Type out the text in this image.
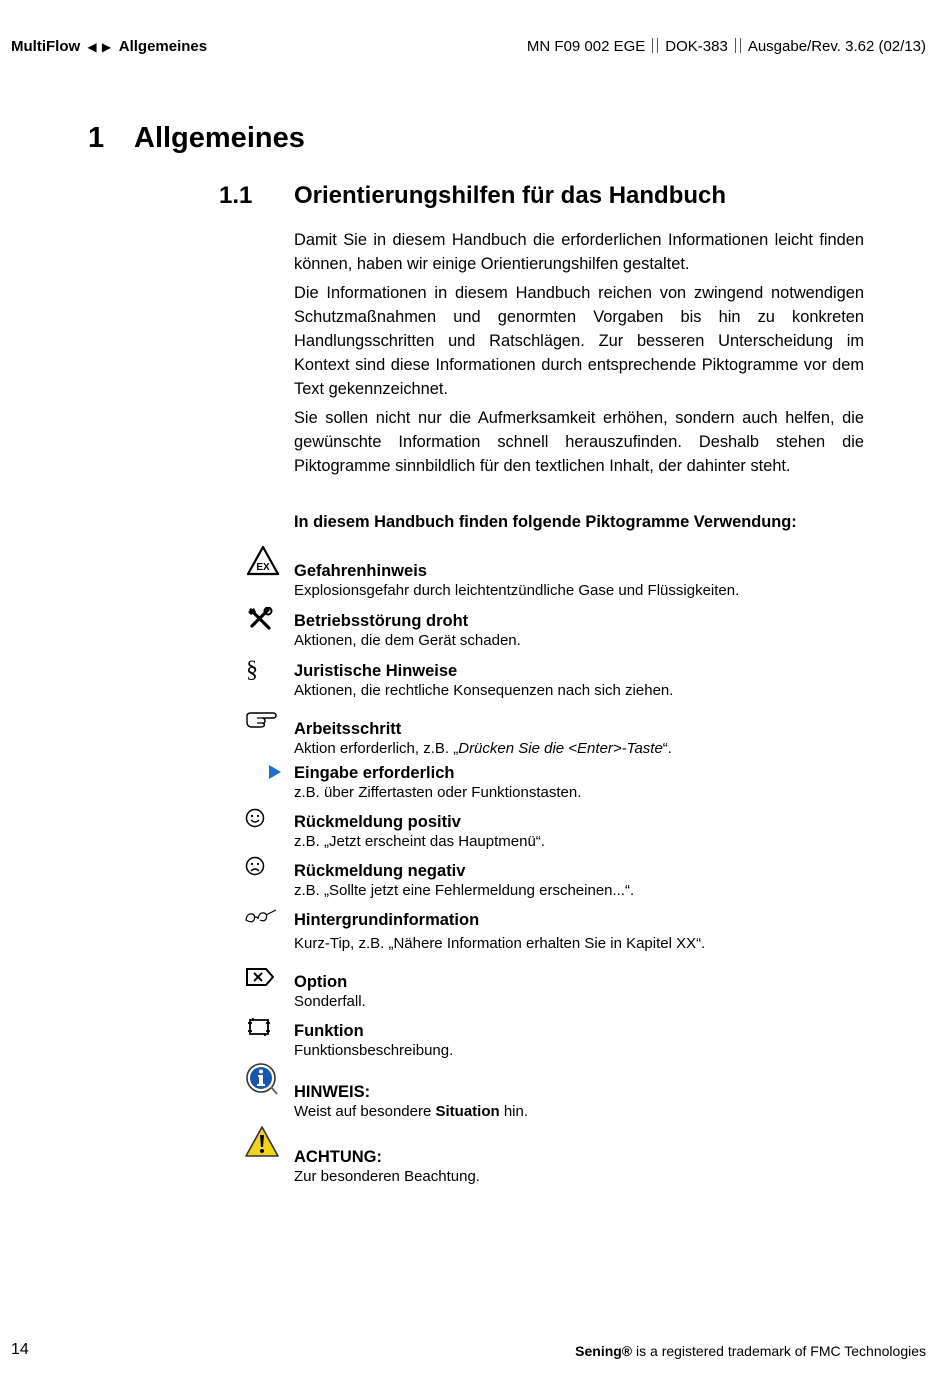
MultiFlow ◀ ▶ Allgemeines	MN F09 002 EGE DOK-383 Ausgabe/Rev. 3.62 (02/13)
1 Allgemeines
1.1 Orientierungshilfen für das Handbuch
Damit Sie in diesem Handbuch die erforderlichen Informationen leicht finden können, haben wir einige Orientierungshilfen gestaltet.
Die Informationen in diesem Handbuch reichen von zwingend notwendigen Schutzmaßnahmen und genormten Vorgaben bis hin zu konkreten Handlungsschritten und Ratschlägen. Zur besseren Unterscheidung im Kontext sind diese Informationen durch entsprechende Piktogramme vor dem Text gekennzeichnet.
Sie sollen nicht nur die Aufmerksamkeit erhöhen, sondern auch helfen, die gewünschte Information schnell herauszufinden. Deshalb stehen die Piktogramme sinnbildlich für den textlichen Inhalt, der dahinter steht.
In diesem Handbuch finden folgende Piktogramme Verwendung:
EX
§
Gefahrenhinweis
Explosionsgefahr durch leichtentzündliche Gase und Flüssigkeiten.
Betriebsstörung droht
Aktionen, die dem Gerät schaden.
Juristische Hinweise
Aktionen, die rechtliche Konsequenzen nach sich ziehen.
Arbeitsschritt
Aktion erforderlich, z.B. „Drücken Sie die <Enter>-Taste“.
Eingabe erforderlich
z.B. über Ziffertasten oder Funktionstasten.
Rückmeldung positiv
z.B. „Jetzt erscheint das Hauptmenü“.
Rückmeldung negativ
z.B. „Sollte jetzt eine Fehlermeldung erscheinen...“.
Hintergrundinformation
Kurz-Tip, z.B. „Nähere Information erhalten Sie in Kapitel XX“.
Option
Sonderfall.
Funktion
Funktionsbeschreibung.
HINWEIS:
Weist auf besondere Situation hin.
ACHTUNG:
Zur besonderen Beachtung.
14	Sening® is a registered trademark of FMC Technologies
